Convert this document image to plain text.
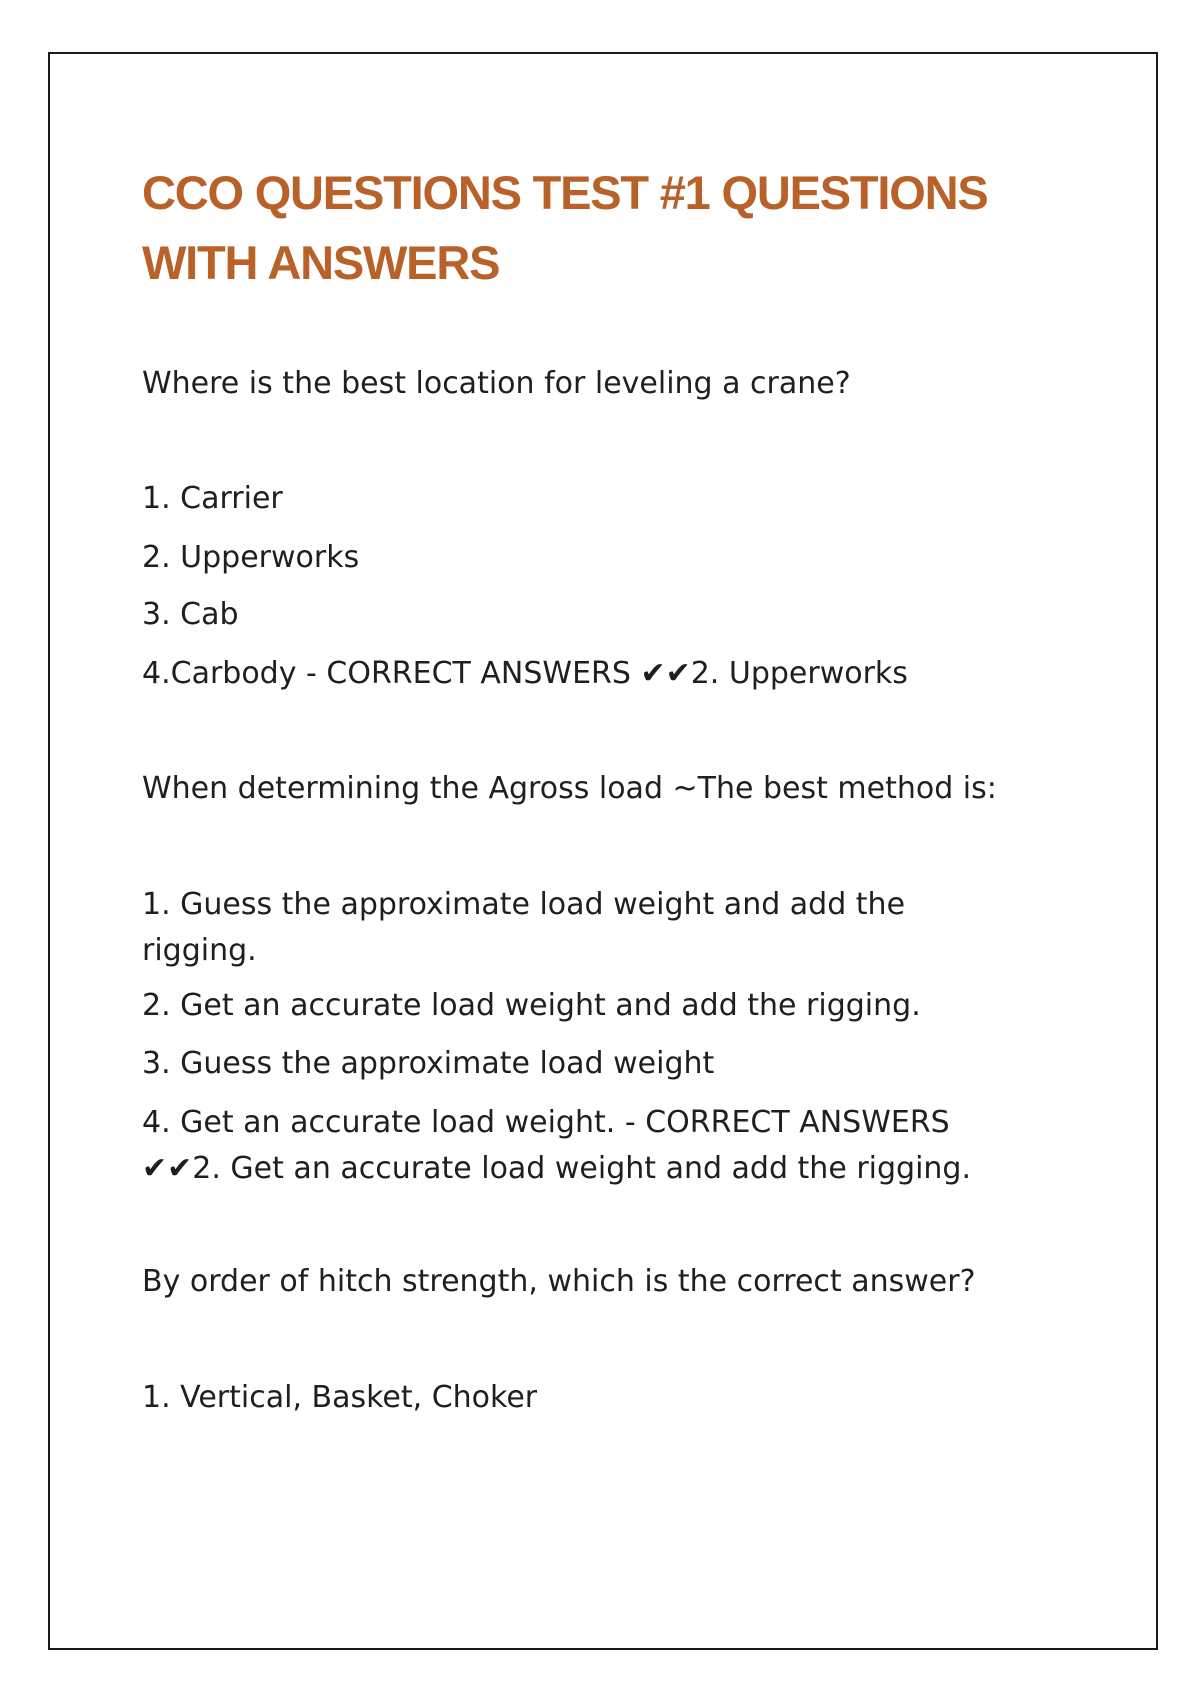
CCO QUESTIONS TEST #1 QUESTIONS
WITH ANSWERS

Where is the best location for leveling a crane?

1. Carrier

2. Upperworks

3. Cab

4.Carbody - CORRECT ANSWERS ✔✔2. Upperworks

When determining the Agross load ~The best method is:

1. Guess the approximate load weight and add the
rigging.

2. Get an accurate load weight and add the rigging.

3. Guess the approximate load weight

4. Get an accurate load weight. - CORRECT ANSWERS
✔✔2. Get an accurate load weight and add the rigging.

By order of hitch strength, which is the correct answer?

1. Vertical, Basket, Choker
